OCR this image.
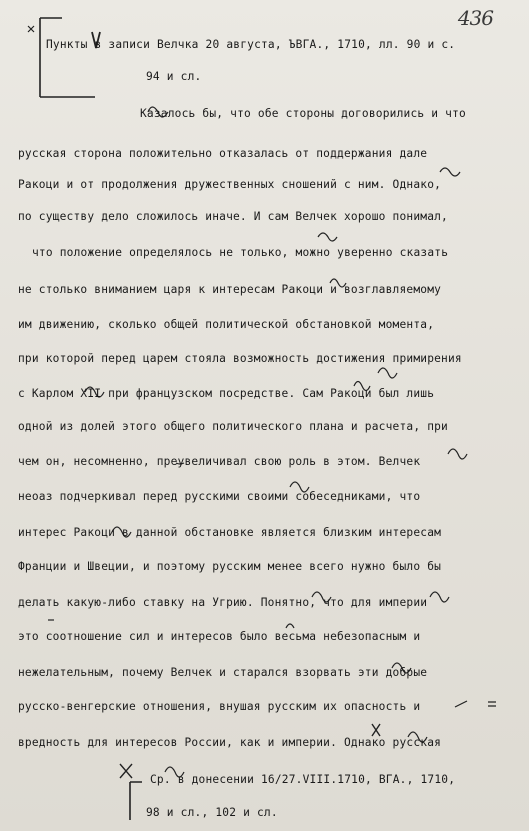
436
Пункты в записи Велчка 20 августа, ЪВГА., 1710, лл. 90 и с.
94 и сл.
Казалось бы, что обе стороны договорились и что
русская сторона положительно отказалась от поддержания дале
Ракоци и от продолжения дружественных сношений с ним. Однако,
по существу дело сложилось иначе. И сам Велчек хорошо понимал,
что положение определялось не только, можно уверенно сказать
не столько вниманием царя к интересам Ракоци и возглавляемому
им движению, сколько общей политической обстановкой момента,
при которой перед царем стояла возможность достижения примирения
с Карлом XII при французском посредстве. Сам Ракоци был лишь
одной из долей этого общего политического плана и расчета, при
чем он, несомненно, преувеличивал свою роль в этом. Велчек
неоаз подчеркивал перед русскими своими собеседниками, что
интерес Ракоци в данной обстановке является близким интересам
Франции и Швеции, и поэтому русским менее всего нужно было бы
делать какую-либо ставку на Угрию. Понятно, что для империи
это соотношение сил и интересов было весьма небезопасным и
нежелательным, почему Велчек и старался взорвать эти добрые
русско-венгерские отношения, внушая русским их опасность и
вредность для интересов России, как и империи. Однако русская
Ср. в донесении 16/27.VIII.1710, ВГА., 1710,
98 и сл., 102 и сл.
